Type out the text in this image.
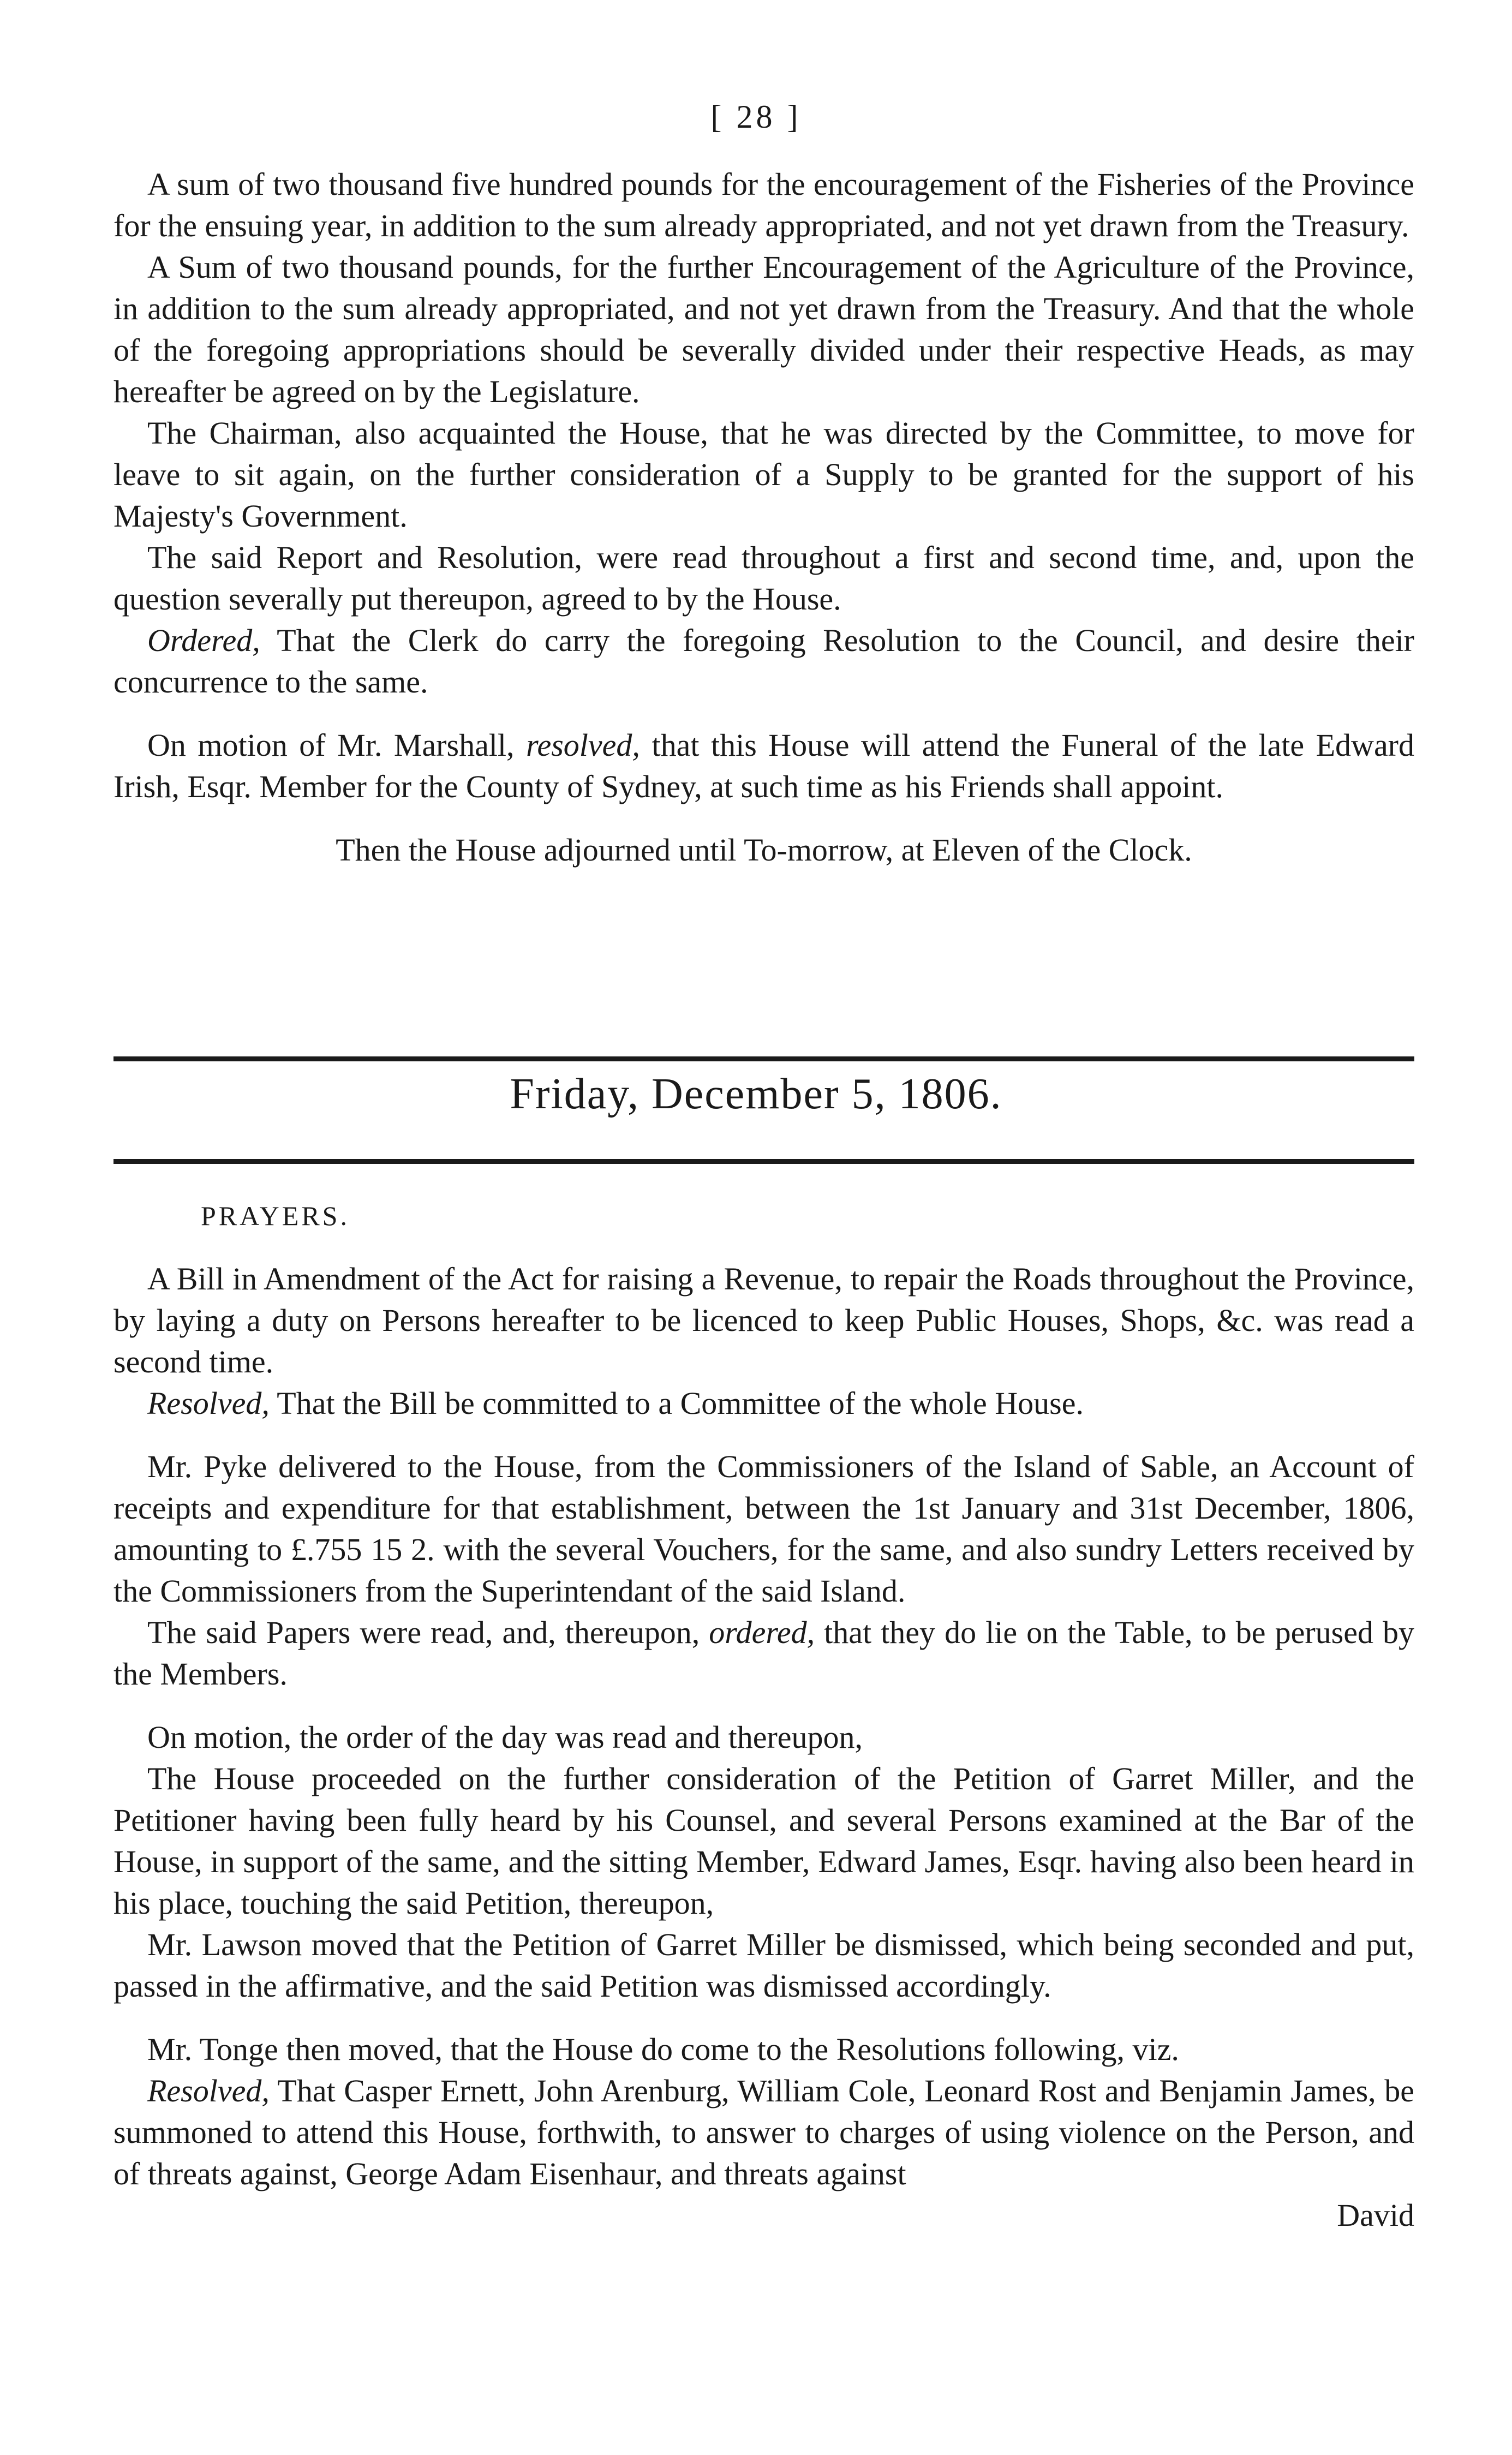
[ 28 ]

A sum of two thousand five hundred pounds for the encouragement of the Fisheries of the Province for the ensuing year, in addition to the sum already appropriated, and not yet drawn from the Treasury.

A Sum of two thousand pounds, for the further Encouragement of the Agriculture of the Province, in addition to the sum already appropriated, and not yet drawn from the Treasury. And that the whole of the foregoing appropriations should be severally divided under their respective Heads, as may hereafter be agreed on by the Legislature.

The Chairman, also acquainted the House, that he was directed by the Committee, to move for leave to sit again, on the further consideration of a Supply to be granted for the support of his Majesty's Government.

The said Report and Resolution, were read throughout a first and second time, and, upon the question severally put thereupon, agreed to by the House.

Ordered, That the Clerk do carry the foregoing Resolution to the Council, and desire their concurrence to the same.

On motion of Mr. Marshall, resolved, that this House will attend the Funeral of the late Edward Irish, Esqr. Member for the County of Sydney, at such time as his Friends shall appoint.

Then the House adjourned until To-morrow, at Eleven of the Clock.

Friday, December 5, 1806.

PRAYERS.

A Bill in Amendment of the Act for raising a Revenue, to repair the Roads throughout the Province, by laying a duty on Persons hereafter to be licenced to keep Public Houses, Shops, &c. was read a second time.

Resolved, That the Bill be committed to a Committee of the whole House.

Mr. Pyke delivered to the House, from the Commissioners of the Island of Sable, an Account of receipts and expenditure for that establishment, between the 1st January and 31st December, 1806, amounting to £.755 15 2. with the several Vouchers, for the same, and also sundry Letters received by the Commissioners from the Superintendant of the said Island.

The said Papers were read, and, thereupon, ordered, that they do lie on the Table, to be perused by the Members.

On motion, the order of the day was read and thereupon,

The House proceeded on the further consideration of the Petition of Garret Miller, and the Petitioner having been fully heard by his Counsel, and several Persons examined at the Bar of the House, in support of the same, and the sitting Member, Edward James, Esqr. having also been heard in his place, touching the said Petition, thereupon,

Mr. Lawson moved that the Petition of Garret Miller be dismissed, which being seconded and put, passed in the affirmative, and the said Petition was dismissed accordingly.

Mr. Tonge then moved, that the House do come to the Resolutions following, viz.

Resolved, That Casper Ernett, John Arenburg, William Cole, Leonard Rost and Benjamin James, be summoned to attend this House, forthwith, to answer to charges of using violence on the Person, and of threats against, George Adam Eisenhaur, and threats against

David
